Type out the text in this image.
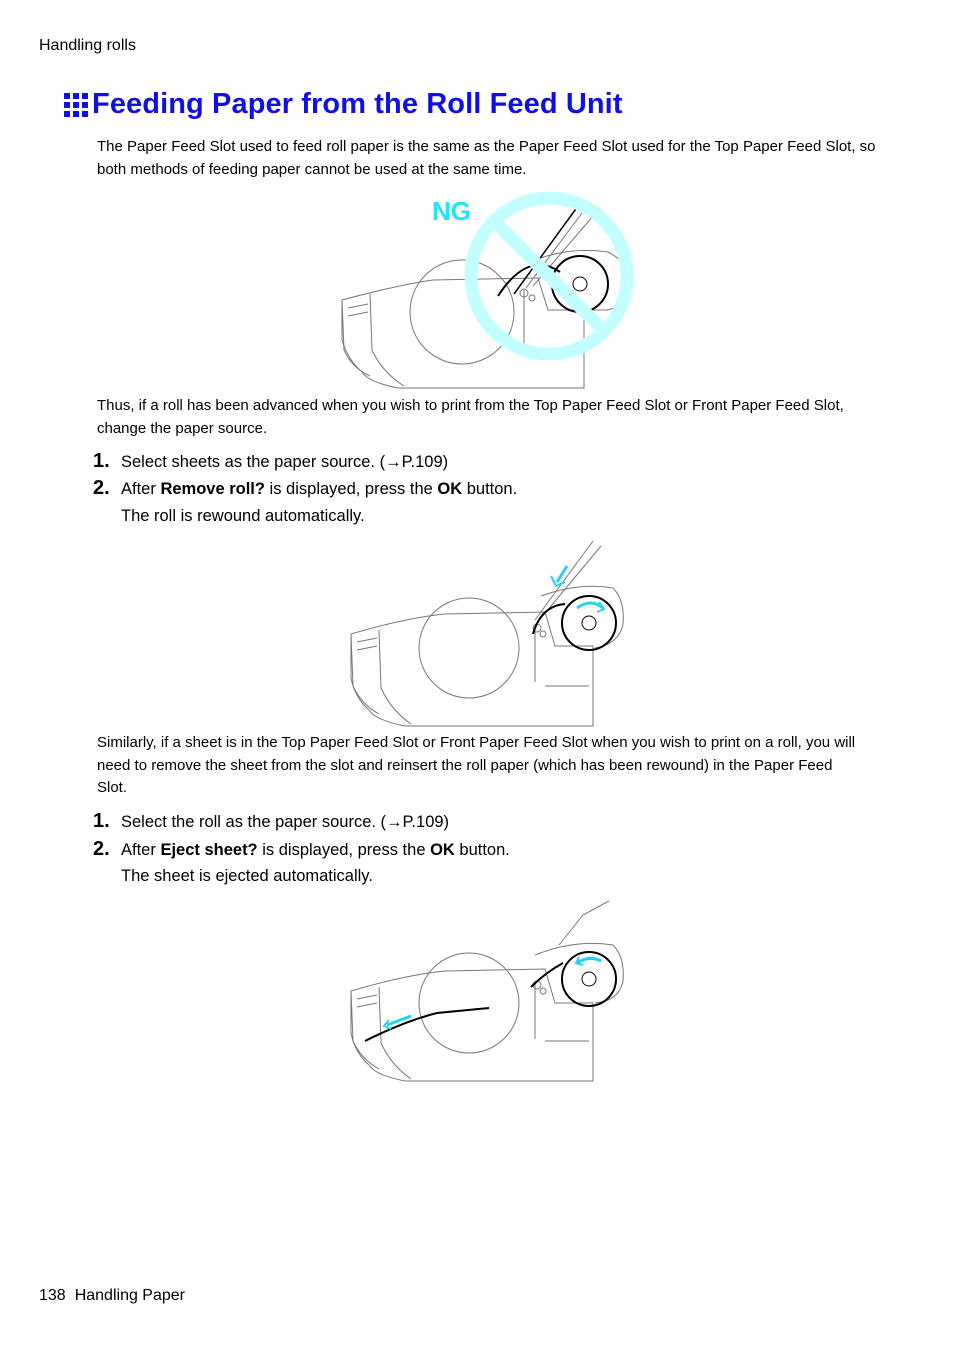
Handling rolls
Feeding Paper from the Roll Feed Unit
The Paper Feed Slot used to feed roll paper is the same as the Paper Feed Slot used for the Top Paper Feed Slot, so both methods of feeding paper cannot be used at the same time.
NG
Thus, if a roll has been advanced when you wish to print from the Top Paper Feed Slot or Front Paper Feed Slot, change the paper source.
1. Select sheets as the paper source. (→P.109)
2. After Remove roll? is displayed, press the OK button.
The roll is rewound automatically.
Similarly, if a sheet is in the Top Paper Feed Slot or Front Paper Feed Slot when you wish to print on a roll, you will need to remove the sheet from the slot and reinsert the roll paper (which has been rewound) in the Paper Feed Slot.
1. Select the roll as the paper source. (→P.109)
2. After Eject sheet? is displayed, press the OK button.
The sheet is ejected automatically.
138 Handling Paper
